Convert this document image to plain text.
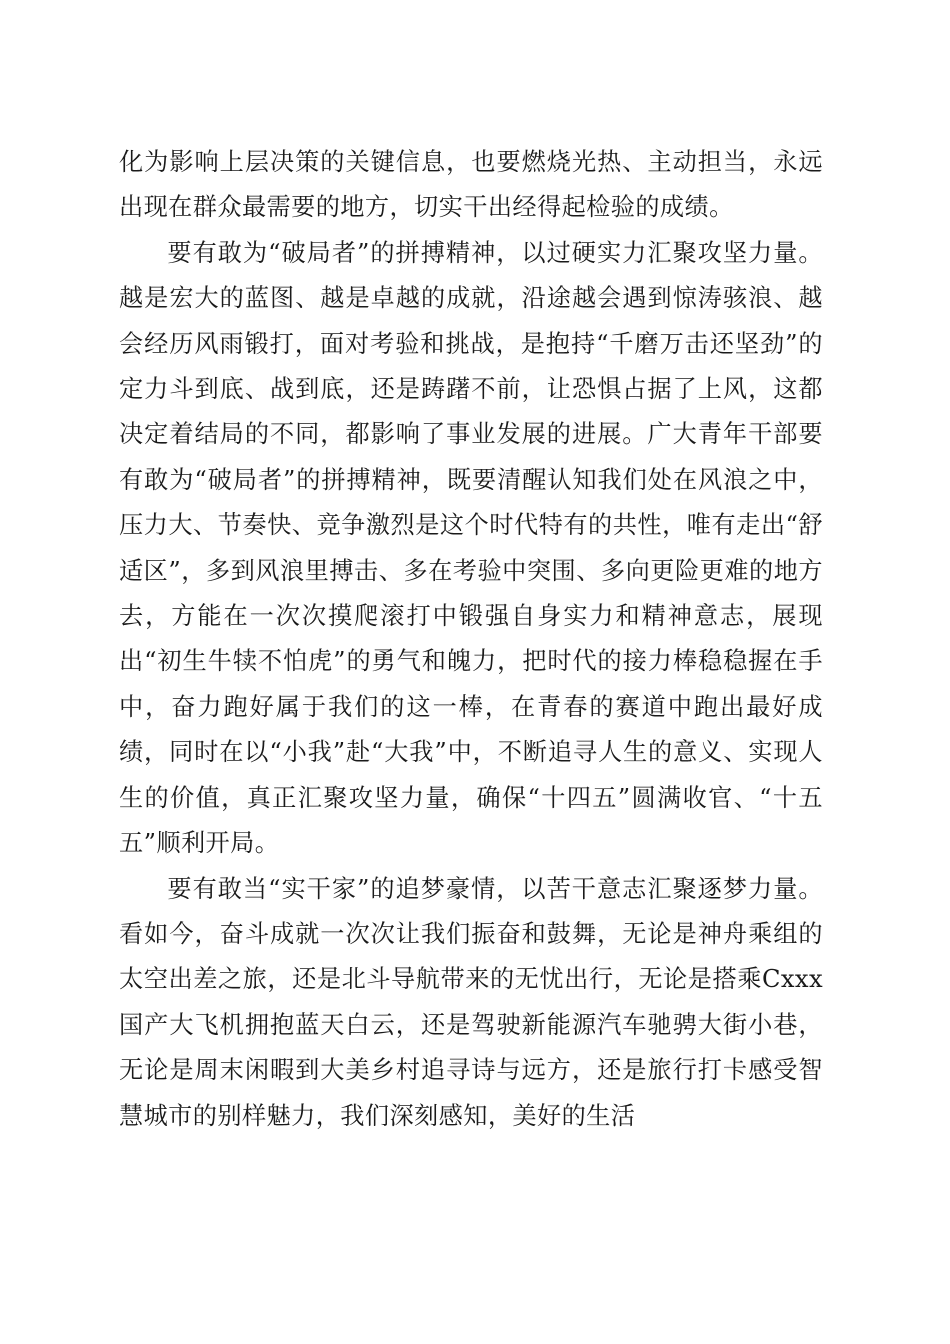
化为影响上层决策的关键信息，也要燃烧光热、主动担当，永远出现在群众最需要的地方，切实干出经得起检验的成绩。

要有敢为“破局者”的拼搏精神，以过硬实力汇聚攻坚力量。越是宏大的蓝图、越是卓越的成就，沿途越会遇到惊涛骇浪、越会经历风雨锻打，面对考验和挑战，是抱持“千磨万击还坚劲”的定力斗到底、战到底，还是踌躇不前，让恐惧占据了上风，这都决定着结局的不同，都影响了事业发展的进展。广大青年干部要有敢为“破局者”的拼搏精神，既要清醒认知我们处在风浪之中，压力大、节奏快、竞争激烈是这个时代特有的共性，唯有走出“舒适区”，多到风浪里搏击、多在考验中突围、多向更险更难的地方去，方能在一次次摸爬滚打中锻强自身实力和精神意志，展现出“初生牛犊不怕虎”的勇气和魄力，把时代的接力棒稳稳握在手中，奋力跑好属于我们的这一棒，在青春的赛道中跑出最好成绩，同时在以“小我”赴“大我”中，不断追寻人生的意义、实现人生的价值，真正汇聚攻坚力量，确保“十四五”圆满收官、“十五五”顺利开局。

要有敢当“实干家”的追梦豪情，以苦干意志汇聚逐梦力量。看如今，奋斗成就一次次让我们振奋和鼓舞，无论是神舟乘组的太空出差之旅，还是北斗导航带来的无忧出行，无论是搭乘Cxxx国产大飞机拥抱蓝天白云，还是驾驶新能源汽车驰骋大街小巷，无论是周末闲暇到大美乡村追寻诗与远方，还是旅行打卡感受智慧城市的别样魅力，我们深刻感知，美好的生活
